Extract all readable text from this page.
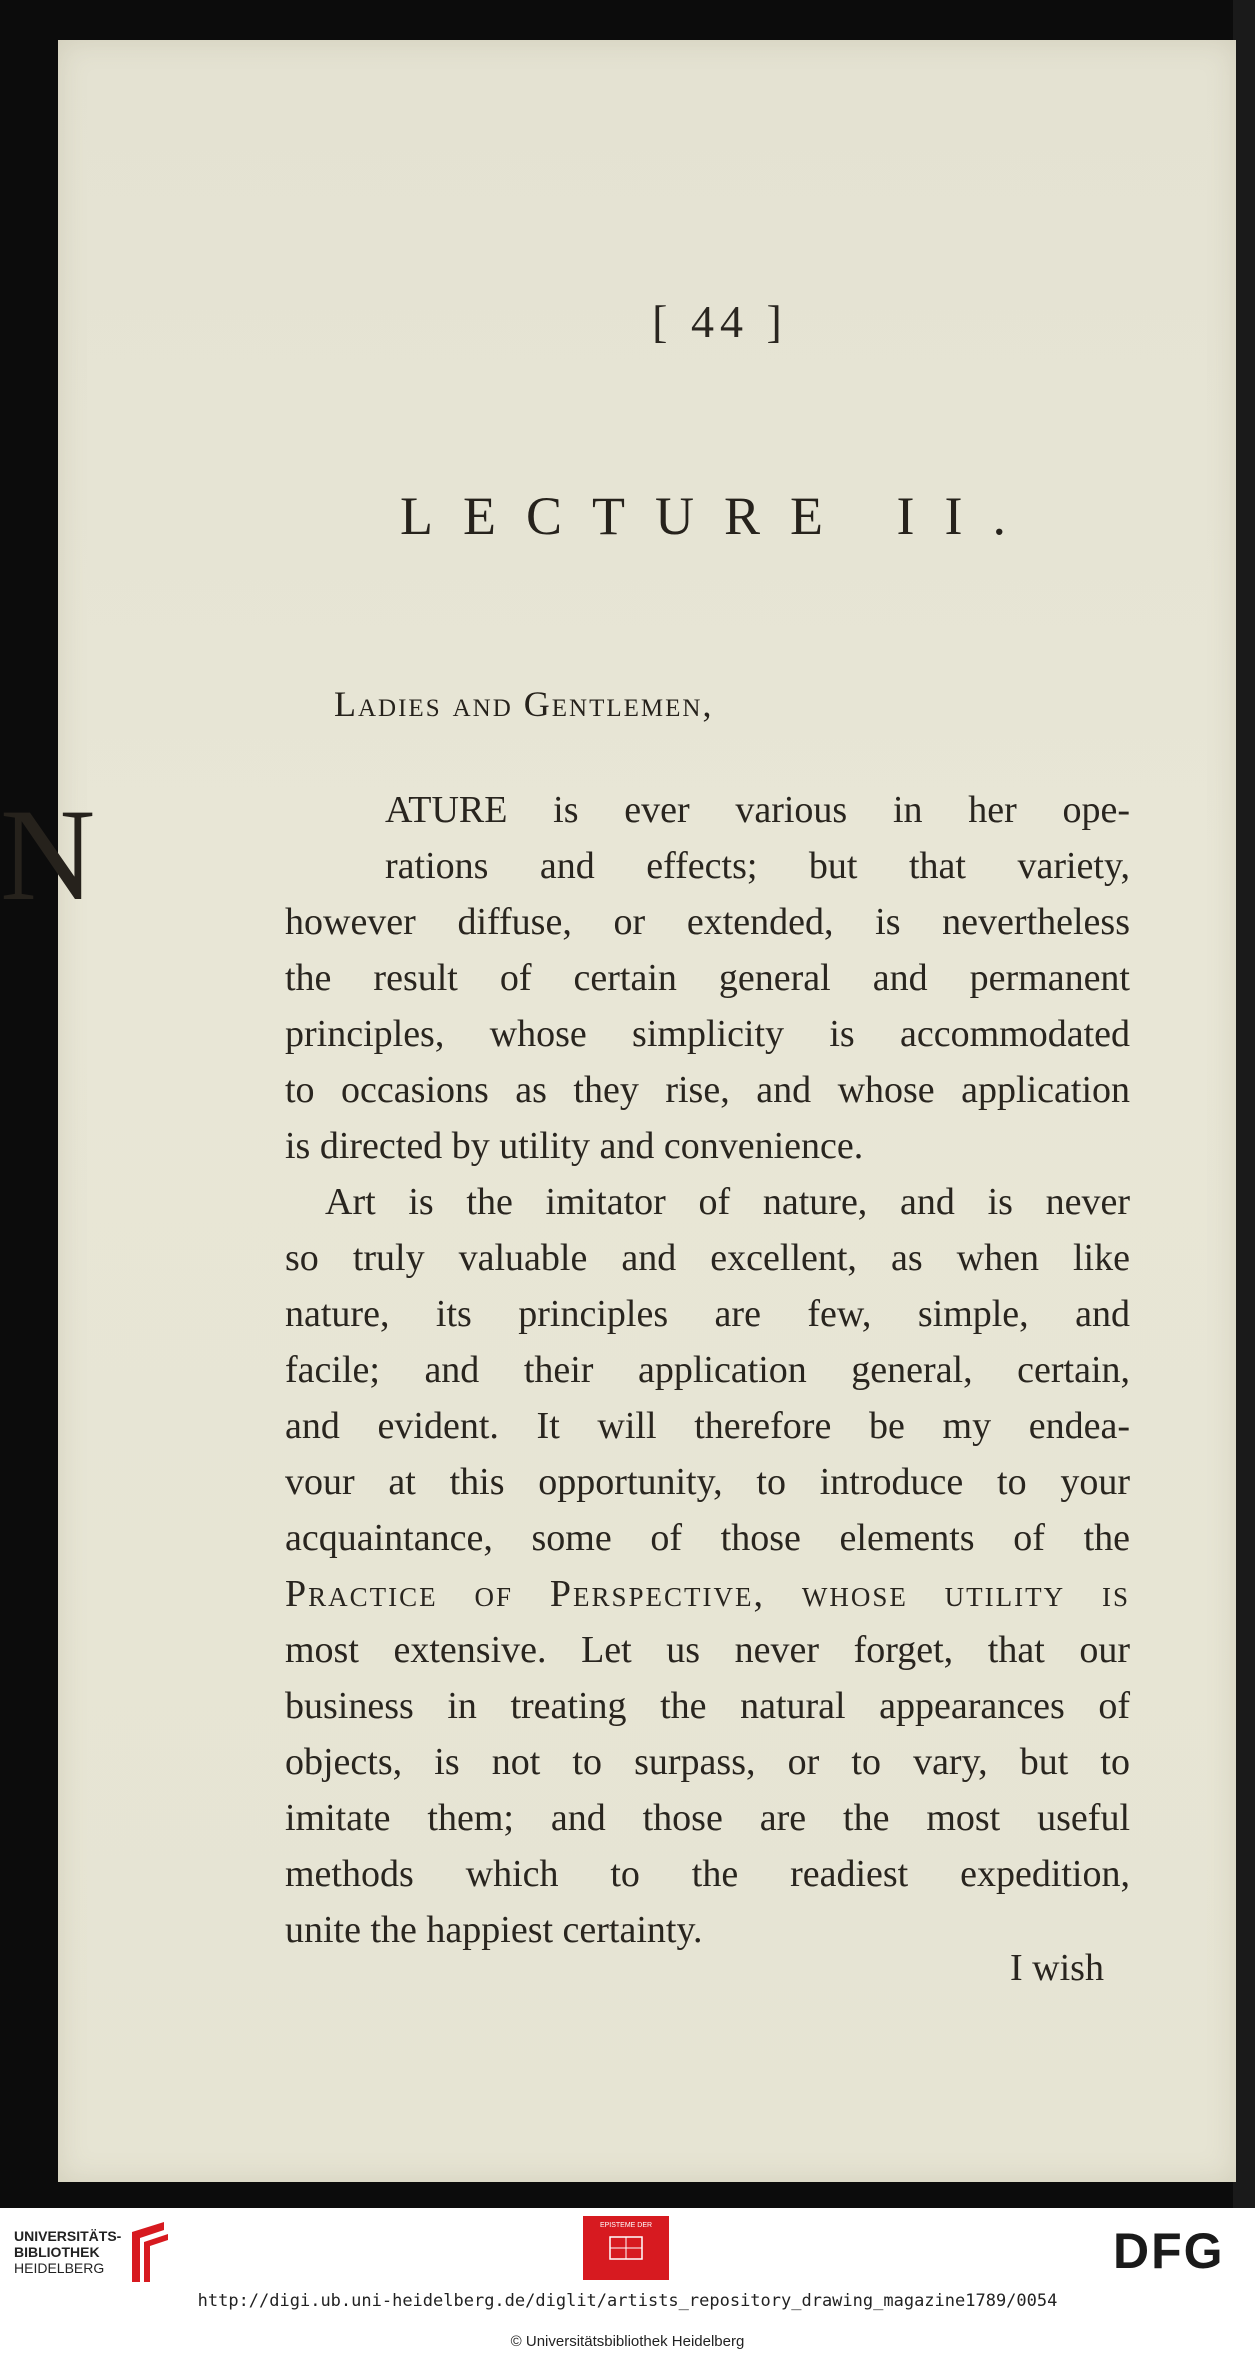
[ 44 ]
LECTURE II.
Ladies and Gentlemen,
N	ATURE is ever various in her ope-
rations and effects; but that variety,
however diffuse, or extended, is nevertheless
the result of certain general and permanent
principles, whose simplicity is accommodated
to occasions as they rise, and whose application
is directed by utility and convenience.
Art is the imitator of nature, and is never
so truly valuable and excellent, as when like
nature, its principles are few, simple, and
facile; and their application general, certain,
and evident. It will therefore be my endea-
vour at this opportunity, to introduce to your
acquaintance, some of those elements of the
Practice of Perspective, whose utility is
most extensive. Let us never forget, that our
business in treating the natural appearances of
objects, is not to surpass, or to vary, but to
imitate them; and those are the most useful
methods which to the readiest expedition,
unite the happiest certainty.
I wish
UNIVERSITÄTS-
BIBLIOTHEK
HEIDELBERG
EPISTEME DER	DFG
http://digi.ub.uni-heidelberg.de/diglit/artists_repository_drawing_magazine1789/0054
© Universitätsbibliothek Heidelberg
